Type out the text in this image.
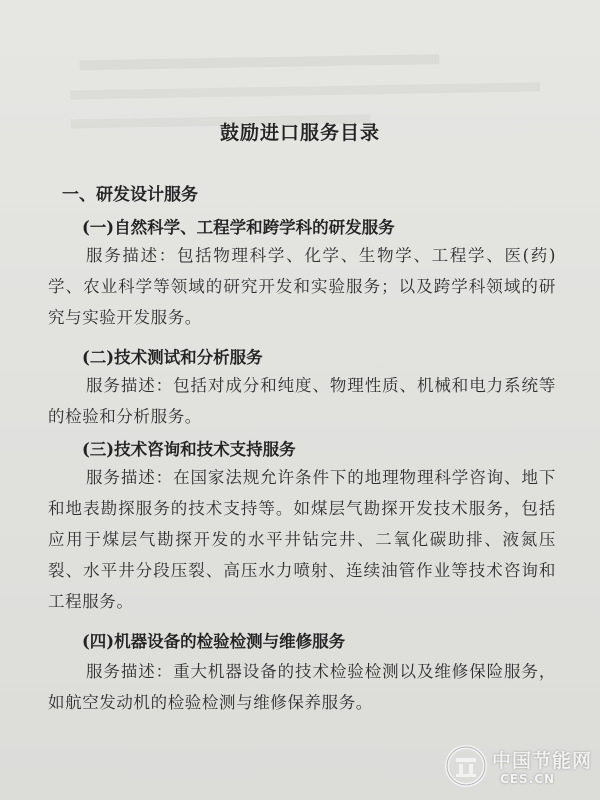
鼓励进口服务目录
一、研发设计服务
(一)自然科学、工程学和跨学科的研发服务
服务描述：包括物理科学、化学、生物学、工程学、医(药)学、农业科学等领域的研究开发和实验服务；以及跨学科领域的研究与实验开发服务。
(二)技术测试和分析服务
服务描述：包括对成分和纯度、物理性质、机械和电力系统等的检验和分析服务。
(三)技术咨询和技术支持服务
服务描述：在国家法规允许条件下的地理物理科学咨询、地下和地表勘探服务的技术支持等。如煤层气勘探开发技术服务，包括应用于煤层气勘探开发的水平井钻完井、二氧化碳助排、液氮压裂、水平井分段压裂、高压水力喷射、连续油管作业等技术咨询和工程服务。
(四)机器设备的检验检测与维修服务
服务描述：重大机器设备的技术检验检测以及维修保险服务，如航空发动机的检验检测与维修保养服务。
中国节能网
CES.CN
